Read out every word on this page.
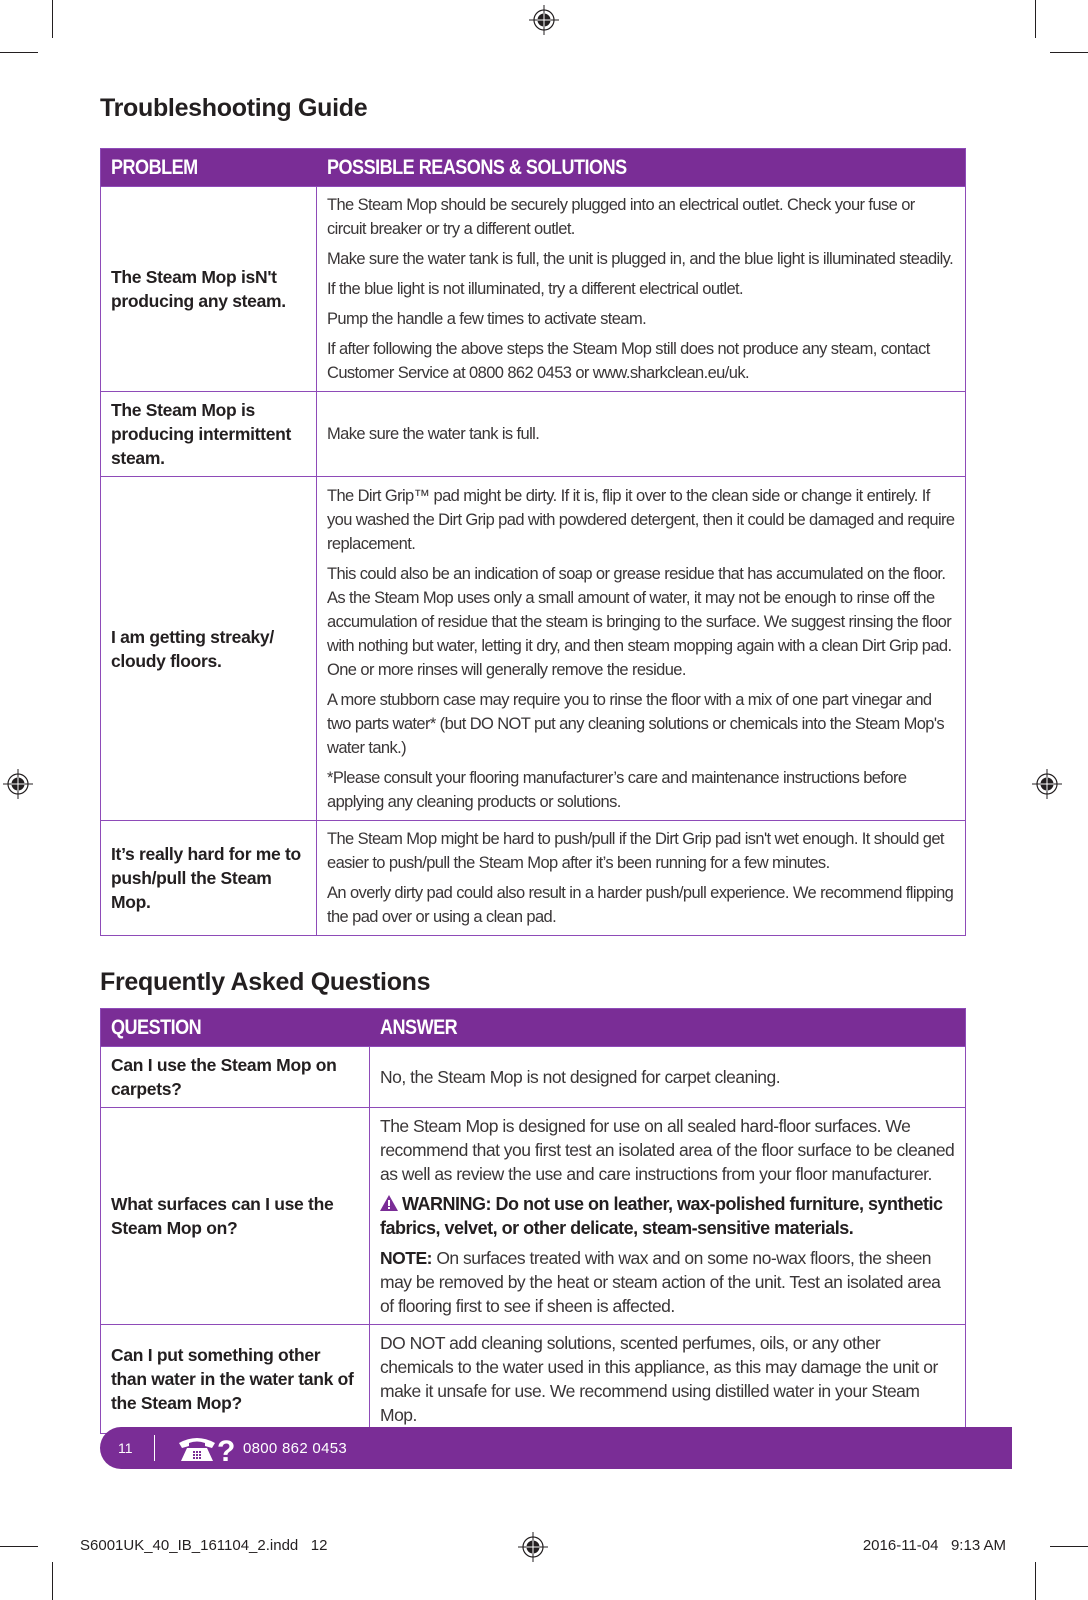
Troubleshooting Guide
PROBLEM	POSSIBLE REASONS & SOLUTIONS
The Steam Mop isN't producing any steam.	The Steam Mop should be securely plugged into an electrical outlet. Check your fuse or circuit breaker or try a different outlet.

Make sure the water tank is full, the unit is plugged in, and the blue light is illuminated steadily.

If the blue light is not illuminated, try a different electrical outlet.

Pump the handle a few times to activate steam.

If after following the above steps the Steam Mop still does not produce any steam, contact Customer Service at 0800 862 0453 or www.sharkclean.eu/uk.

The Steam Mop is producing intermittent steam.	Make sure the water tank is full.

I am getting streaky/ cloudy floors.	The Dirt Grip™ pad might be dirty. If it is, flip it over to the clean side or change it entirely. If you washed the Dirt Grip pad with powdered detergent, then it could be damaged and require replacement.

This could also be an indication of soap or grease residue that has accumulated on the floor. As the Steam Mop uses only a small amount of water, it may not be enough to rinse off the accumulation of residue that the steam is bringing to the surface. We suggest rinsing the floor with nothing but water, letting it dry, and then steam mopping again with a clean Dirt Grip pad. One or more rinses will generally remove the residue.

A more stubborn case may require you to rinse the floor with a mix of one part vinegar and two parts water* (but DO NOT put any cleaning solutions or chemicals into the Steam Mop's water tank.)

*Please consult your flooring manufacturer’s care and maintenance instructions before applying any cleaning products or solutions.

It’s really hard for me to push/pull the Steam Mop.	The Steam Mop might be hard to push/pull if the Dirt Grip pad isn't wet enough. It should get easier to push/pull the Steam Mop after it’s been running for a few minutes.

An overly dirty pad could also result in a harder push/pull experience. We recommend flipping the pad over or using a clean pad.

Frequently Asked Questions
QUESTION	ANSWER
Can I use the Steam Mop on carpets?	No, the Steam Mop is not designed for carpet cleaning.

What surfaces can I use the Steam Mop on?	The Steam Mop is designed for use on all sealed hard-floor surfaces. We recommend that you first test an isolated area of the floor surface to be cleaned as well as review the use and care instructions from your floor manufacturer.

WARNING: Do not use on leather, wax-polished furniture, synthetic fabrics, velvet, or other delicate, steam-sensitive materials.

NOTE: On surfaces treated with wax and on some no-wax floors, the sheen may be removed by the heat or steam action of the unit. Test an isolated area of flooring first to see if sheen is affected.

Can I put something other than water in the water tank of the Steam Mop?	DO NOT add cleaning solutions, scented perfumes, oils, or any other chemicals to the water used in this appliance, as this may damage the unit or make it unsafe for use. We recommend using distilled water in your Steam Mop.

11	? 0800 862 0453
S6001UK_40_IB_161104_2.indd   12	2016-11-04   9:13 AM
